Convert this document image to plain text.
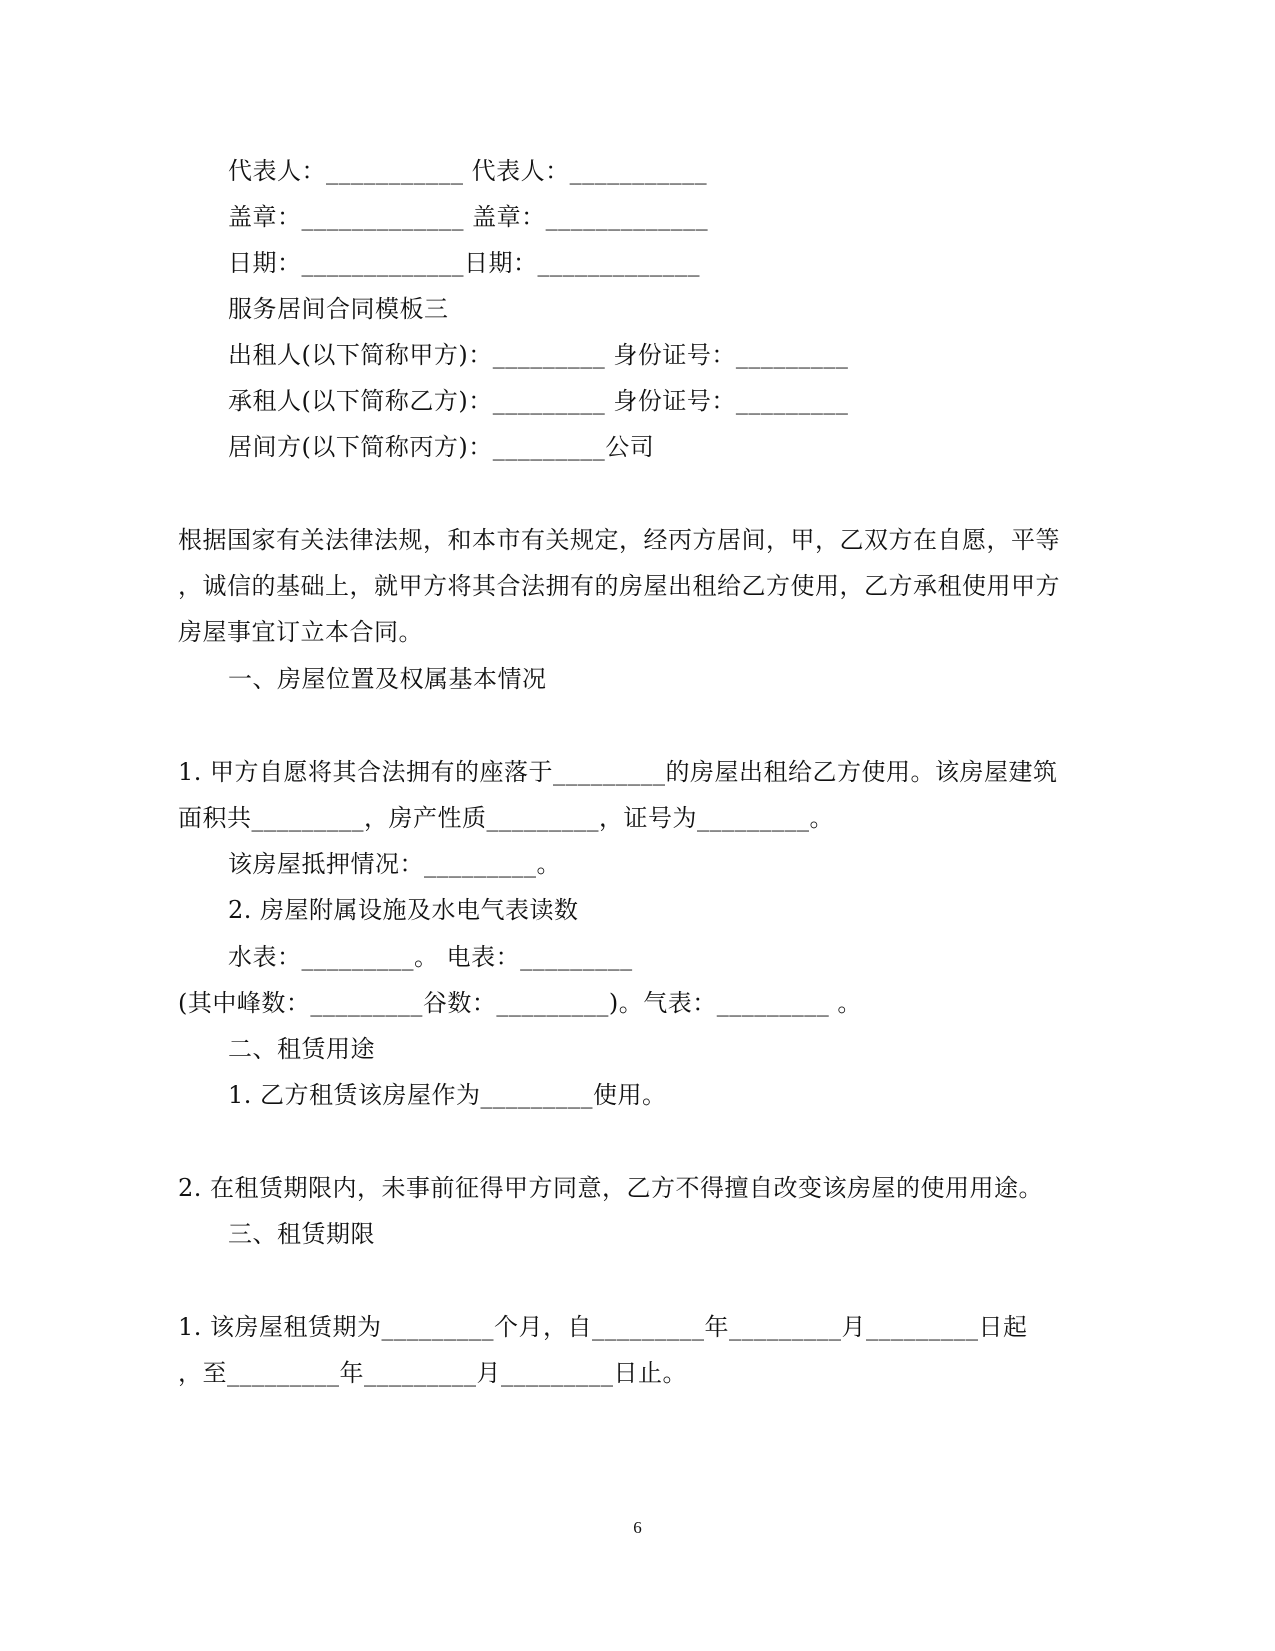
代表人：___________ 代表人：___________
盖章：_____________ 盖章：_____________
日期：_____________日期：_____________
服务居间合同模板三
出租人(以下简称甲方)：_________ 身份证号：_________
承租人(以下简称乙方)：_________ 身份证号：_________
居间方(以下简称丙方)：_________公司
根据国家有关法律法规，和本市有关规定，经丙方居间，甲，乙双方在自愿，平等
，诚信的基础上，就甲方将其合法拥有的房屋出租给乙方使用，乙方承租使用甲方
房屋事宜订立本合同。
一、房屋位置及权属基本情况
1. 甲方自愿将其合法拥有的座落于_________的房屋出租给乙方使用。该房屋建筑
面积共_________，房产性质_________，证号为_________。
该房屋抵押情况：_________。
2. 房屋附属设施及水电气表读数
水表：_________。 电表：_________
(其中峰数：_________谷数：_________)。气表：_________ 。
二、租赁用途
1. 乙方租赁该房屋作为_________使用。
2. 在租赁期限内，未事前征得甲方同意，乙方不得擅自改变该房屋的使用用途。
三、租赁期限
1. 该房屋租赁期为_________个月，自_________年_________月_________日起
，至_________年_________月_________日止。
6
